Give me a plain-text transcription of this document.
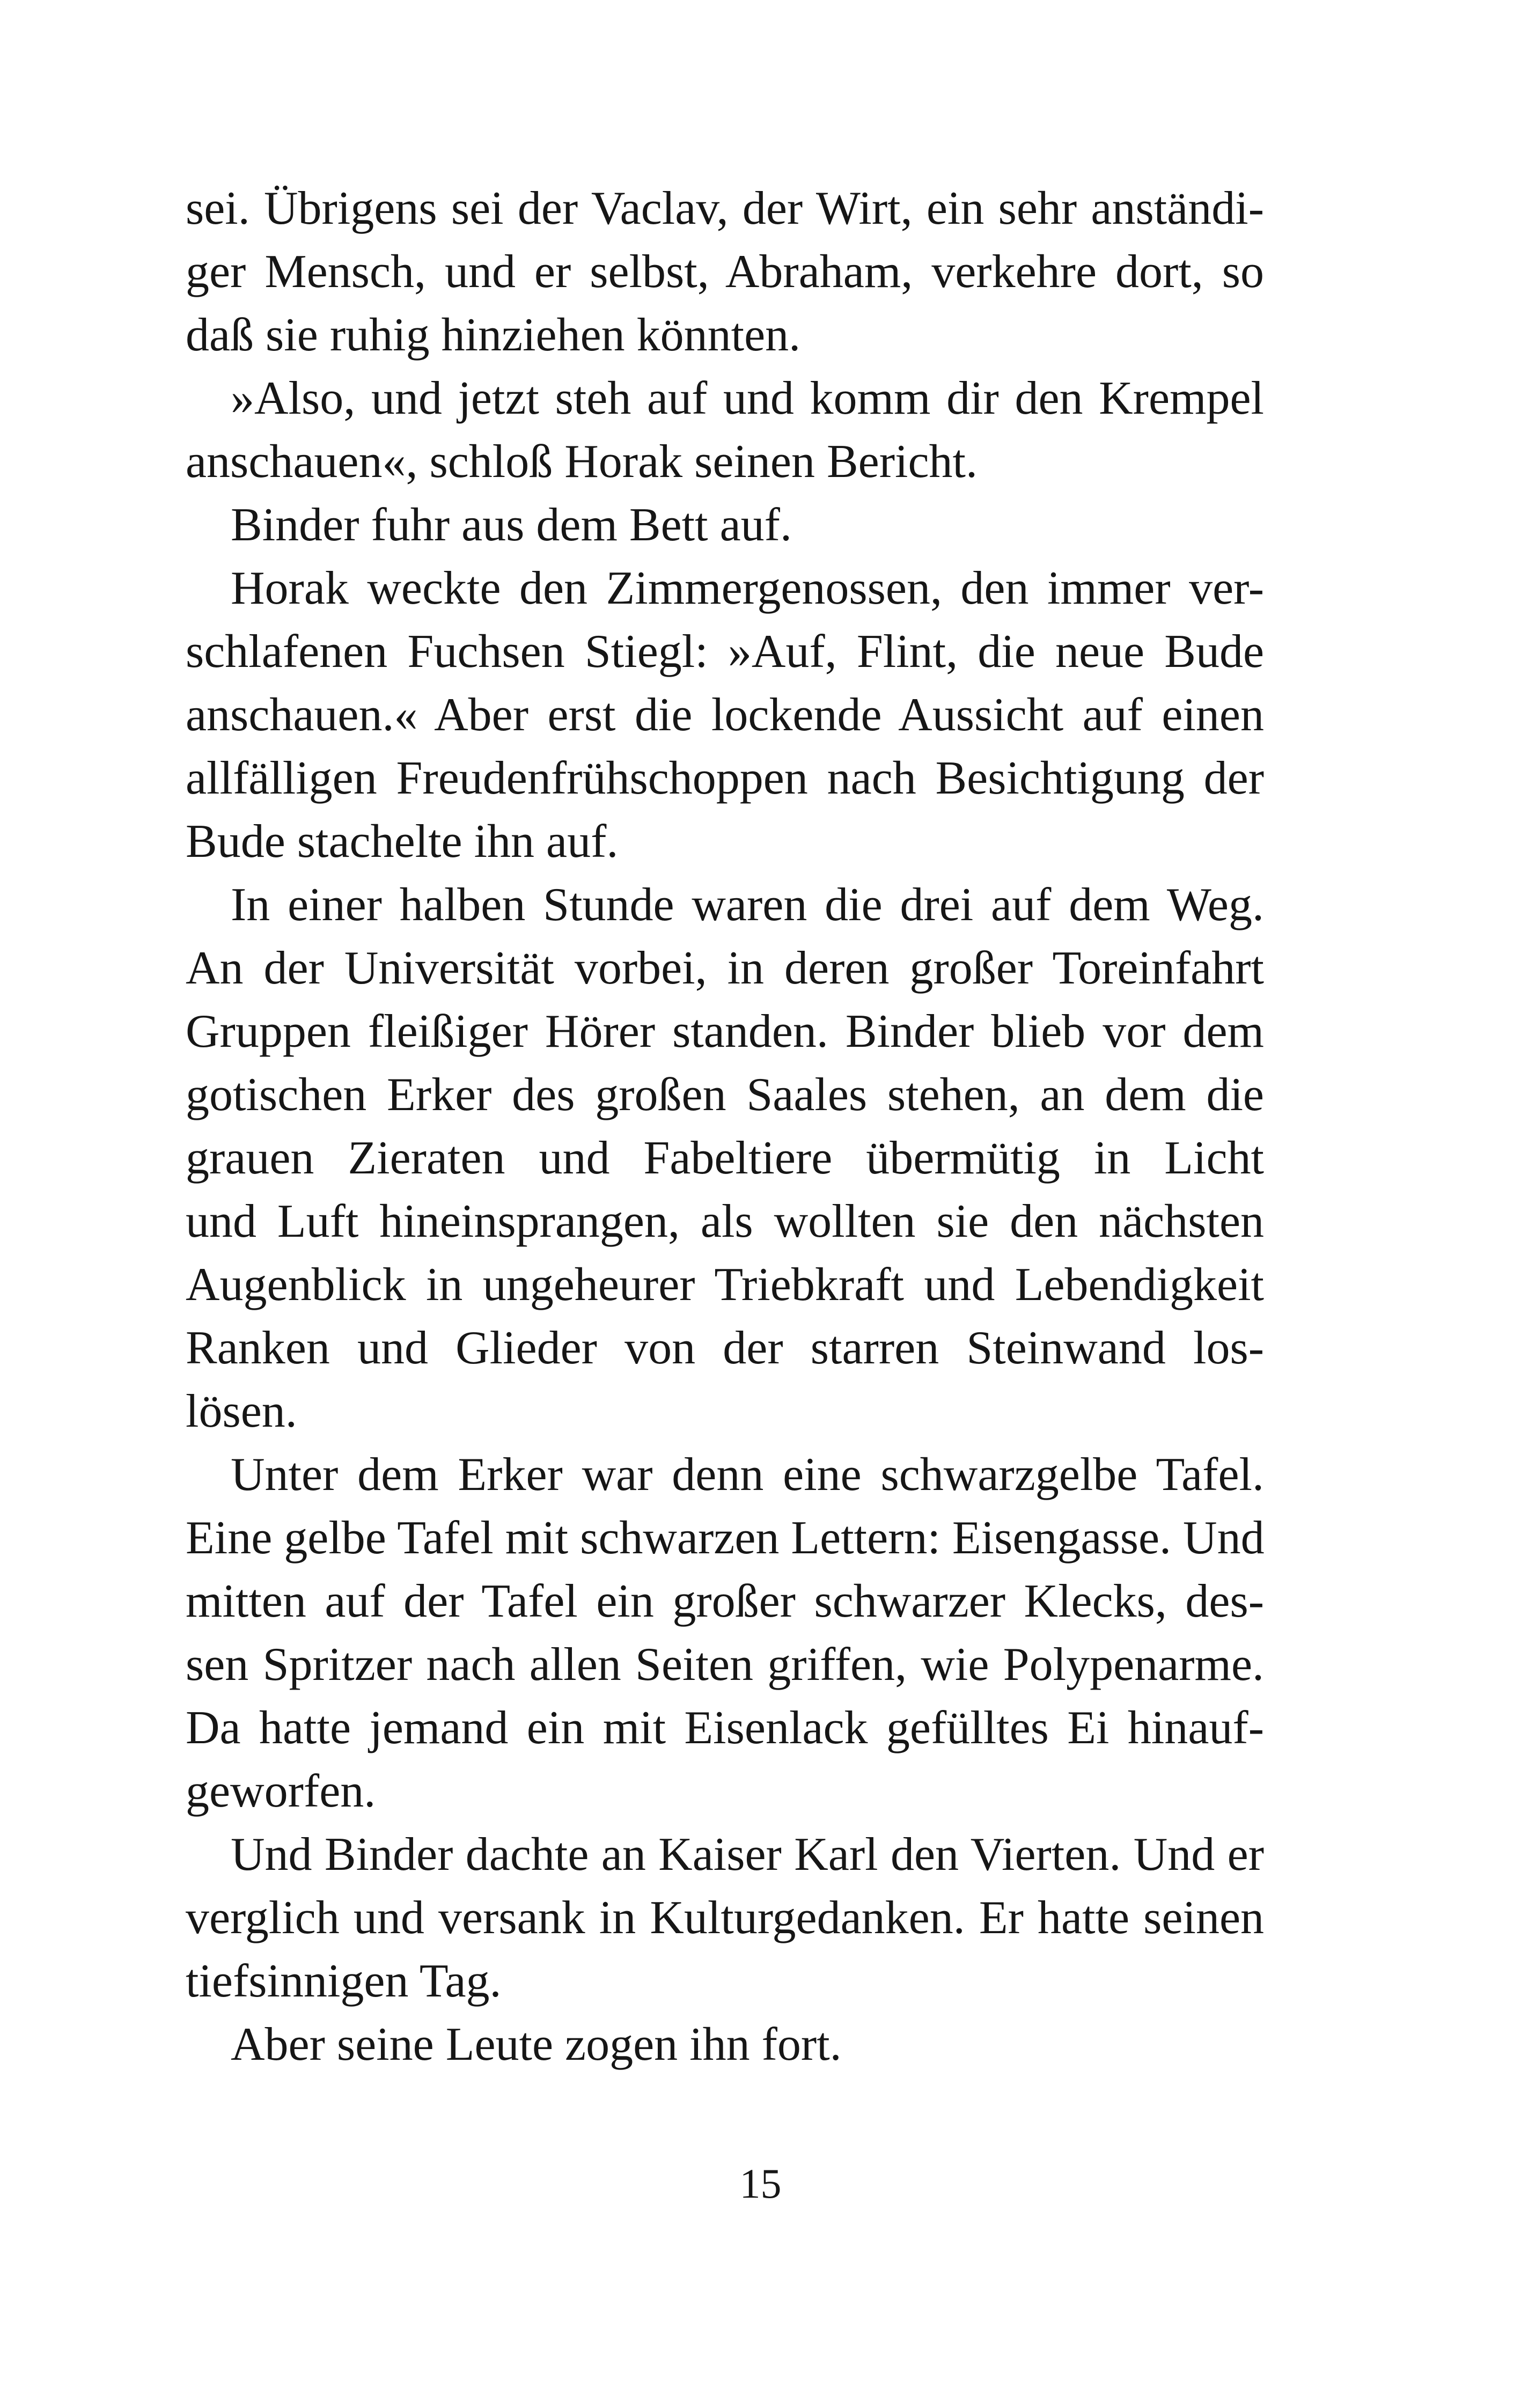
sei. Übrigens sei der Vaclav, der Wirt, ein sehr anständi-
ger Mensch, und er selbst, Abraham, verkehre dort, so
daß sie ruhig hinziehen könnten.
»Also, und jetzt steh auf und komm dir den Krempel
anschauen«, schloß Horak seinen Bericht.
Binder fuhr aus dem Bett auf.
Horak weckte den Zimmergenossen, den immer ver-
schlafenen Fuchsen Stiegl: »Auf, Flint, die neue Bude
anschauen.« Aber erst die lockende Aussicht auf einen
allfälligen Freudenfrühschoppen nach Besichtigung der
Bude stachelte ihn auf.
In einer halben Stunde waren die drei auf dem Weg.
An der Universität vorbei, in deren großer Toreinfahrt
Gruppen fleißiger Hörer standen. Binder blieb vor dem
gotischen Erker des großen Saales stehen, an dem die
grauen Zieraten und Fabeltiere übermütig in Licht
und Luft hineinsprangen, als wollten sie den nächsten
Augenblick in ungeheurer Triebkraft und Lebendigkeit
Ranken und Glieder von der starren Steinwand los-
lösen.
Unter dem Erker war denn eine schwarzgelbe Tafel.
Eine gelbe Tafel mit schwarzen Lettern: Eisengasse. Und
mitten auf der Tafel ein großer schwarzer Klecks, des-
sen Spritzer nach allen Seiten griffen, wie Polypenarme.
Da hatte jemand ein mit Eisenlack gefülltes Ei hinauf-
geworfen.
Und Binder dachte an Kaiser Karl den Vierten. Und er
verglich und versank in Kulturgedanken. Er hatte seinen
tiefsinnigen Tag.
Aber seine Leute zogen ihn fort.
15
